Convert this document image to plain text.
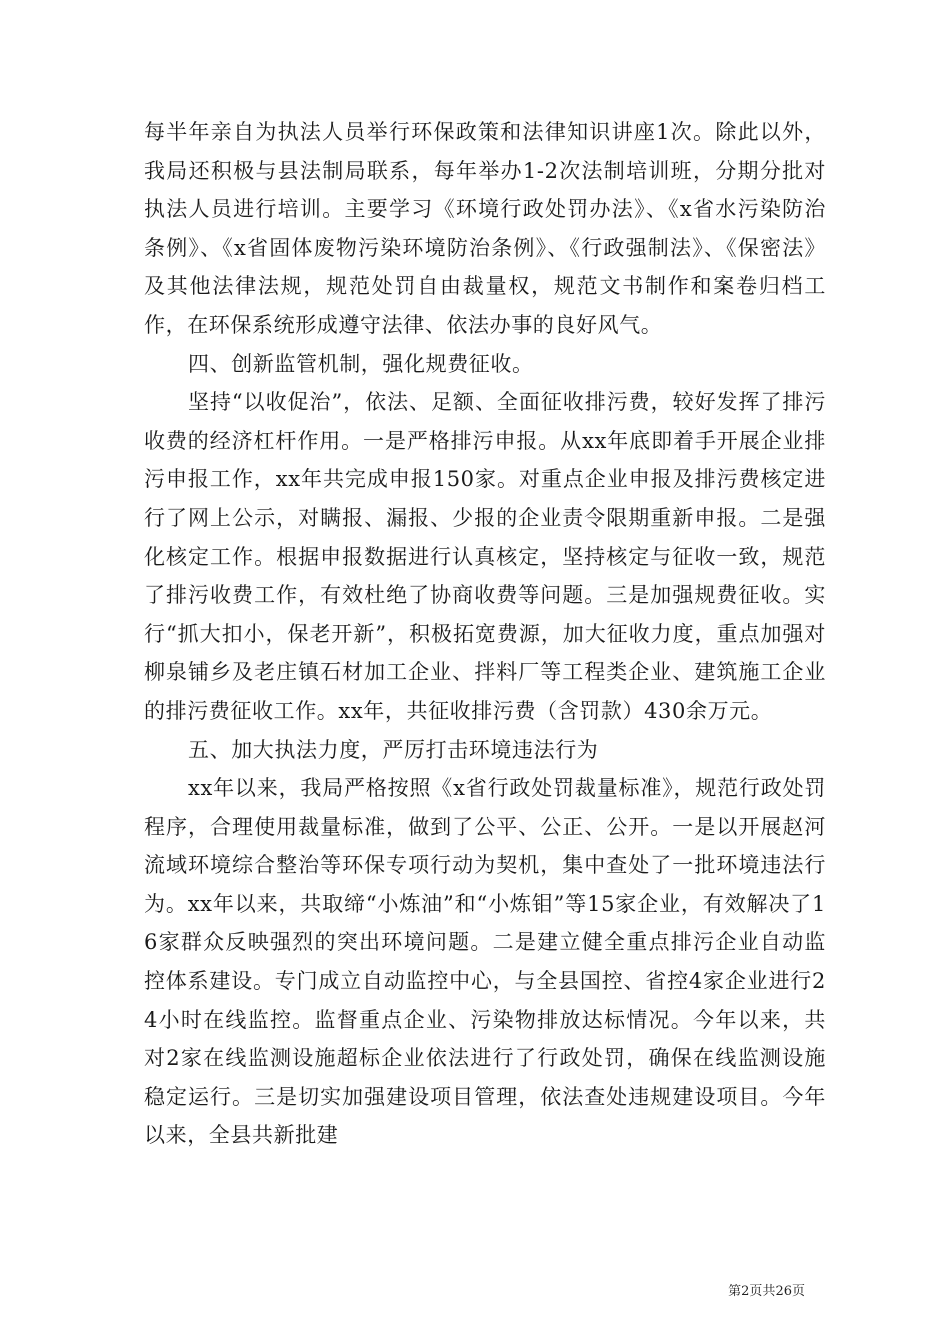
每半年亲自为执法人员举行环保政策和法律知识讲座1次。除此以外，我局还积极与县法制局联系，每年举办1-2次法制培训班，分期分批对执法人员进行培训。主要学习《环境行政处罚办法》、《x省水污染防治条例》、《x省固体废物污染环境防治条例》、《行政强制法》、《保密法》及其他法律法规，规范处罚自由裁量权，规范文书制作和案卷归档工作，在环保系统形成遵守法律、依法办事的良好风气。

四、创新监管机制，强化规费征收。

坚持“以收促治”，依法、足额、全面征收排污费，较好发挥了排污收费的经济杠杆作用。一是严格排污申报。从xx年底即着手开展企业排污申报工作，xx年共完成申报150家。对重点企业申报及排污费核定进行了网上公示，对瞒报、漏报、少报的企业责令限期重新申报。二是强化核定工作。根据申报数据进行认真核定，坚持核定与征收一致，规范了排污收费工作，有效杜绝了协商收费等问题。三是加强规费征收。实行“抓大扣小，保老开新”，积极拓宽费源，加大征收力度，重点加强对柳泉铺乡及老庄镇石材加工企业、拌料厂等工程类企业、建筑施工企业的排污费征收工作。xx年，共征收排污费（含罚款）430余万元。

五、加大执法力度，严厉打击环境违法行为

xx年以来，我局严格按照《x省行政处罚裁量标准》，规范行政处罚程序，合理使用裁量标准，做到了公平、公正、公开。一是以开展赵河流域环境综合整治等环保专项行动为契机，集中查处了一批环境违法行为。xx年以来，共取缔“小炼油”和“小炼钼”等15家企业，有效解决了16家群众反映强烈的突出环境问题。二是建立健全重点排污企业自动监控体系建设。专门成立自动监控中心，与全县国控、省控4家企业进行24小时在线监控。监督重点企业、污染物排放达标情况。今年以来，共对2家在线监测设施超标企业依法进行了行政处罚，确保在线监测设施稳定运行。三是切实加强建设项目管理，依法查处违规建设项目。今年以来，全县共新批建

第2页共26页
